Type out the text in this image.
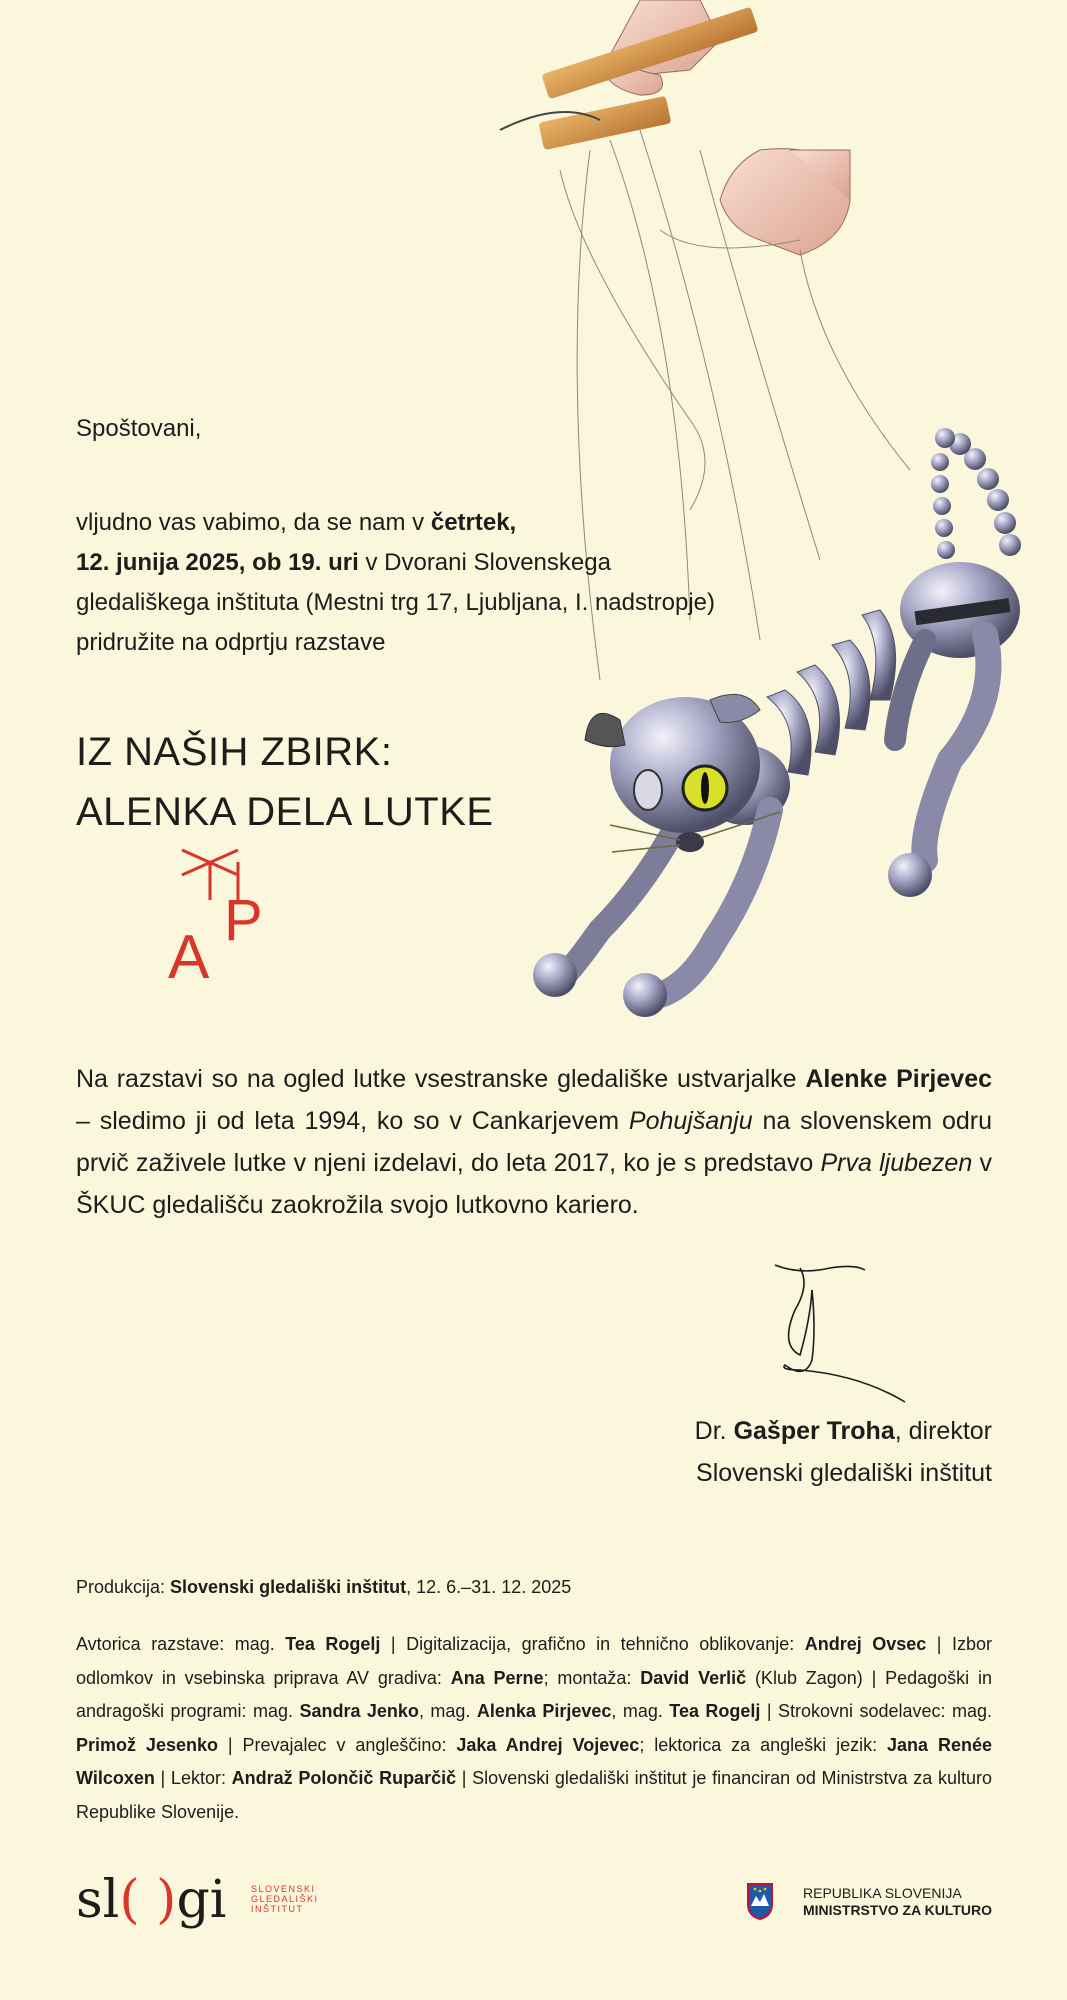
A
P
Spoštovani,
vljudno vas vabimo, da se nam v četrtek,
12. junija 2025, ob 19. uri v Dvorani Slovenskega
gledališkega inštituta (Mestni trg 17, Ljubljana, I. nadstropje)
pridružite na odprtju razstave
IZ NAŠIH ZBIRK:
ALENKA DELA LUTKE
Na razstavi so na ogled lutke vsestranske gledališke ustvarjalke Alenke Pirjevec – sledimo ji od leta 1994, ko so v Cankarjevem Pohujšanju na slovenskem odru prvič zaživele lutke v njeni izdelavi, do leta 2017, ko je s predstavo Prva ljubezen v ŠKUC gledališču zaokrožila svojo lutkovno kariero.
Dr. Gašper Troha, direktor
Slovenski gledališki inštitut
Produkcija: Slovenski gledališki inštitut, 12. 6.–31. 12. 2025
Avtorica razstave: mag. Tea Rogelj | Digitalizacija, grafično in tehnično oblikovanje: Andrej Ovsec | Izbor odlomkov in vsebinska priprava AV gradiva: Ana Perne; montaža: David Verlič (Klub Zagon) | Pedagoški in andragoški programi: mag. Sandra Jenko, mag. Alenka Pirjevec, mag. Tea Rogelj | Strokovni sodelavec: mag. Primož Jesenko | Prevajalec v angleščino: Jaka Andrej Vojevec; lektorica za angleški jezik: Jana Renée Wilcoxen | Lektor: Andraž Polončič Ruparčič | Slovenski gledališki inštitut je financiran od Ministrstva za kulturo Republike Slovenije.
sl( )gi	SLOVENSKI
GLEDALIŠKI
INŠTITUT
REPUBLIKA SLOVENIJA
MINISTRSTVO ZA KULTURO
